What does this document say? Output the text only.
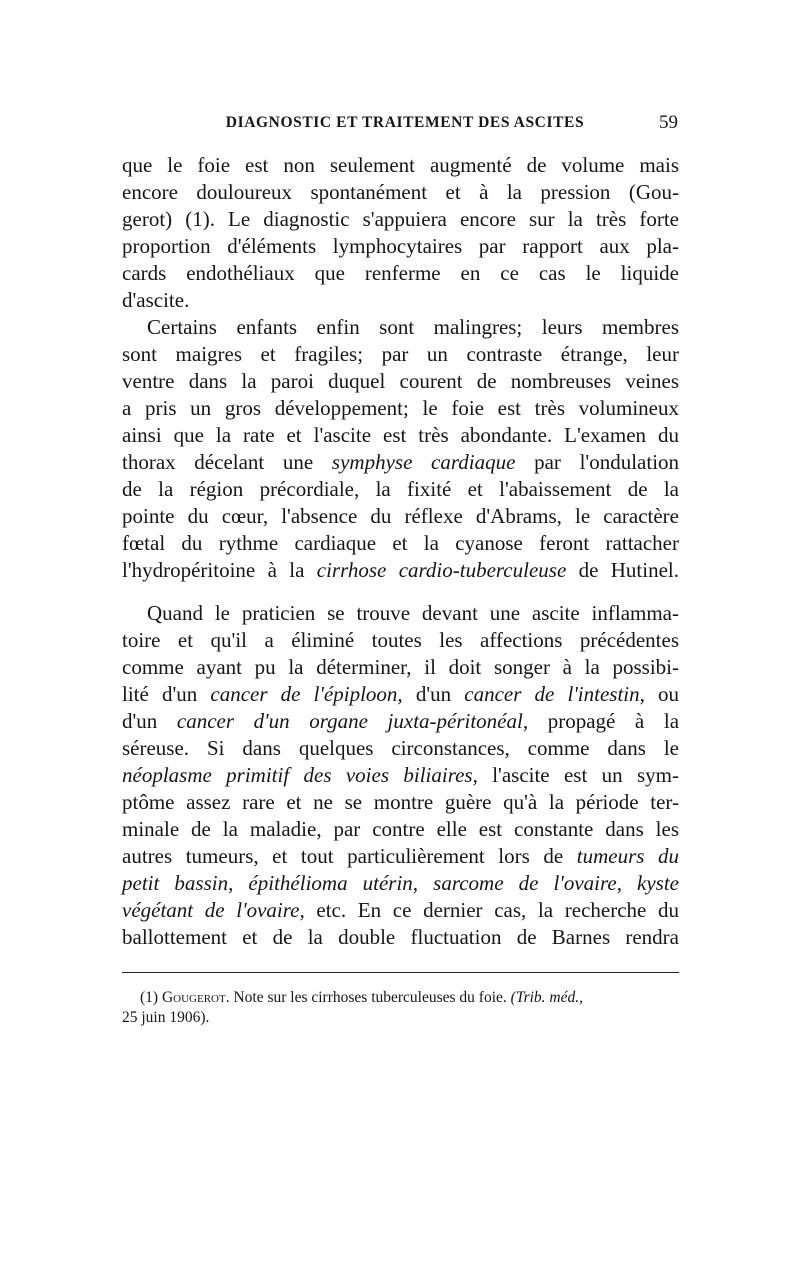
DIAGNOSTIC ET TRAITEMENT DES ASCITES	59
que le foie est non seulement augmenté de volume mais
encore douloureux spontanément et à la pression (Gou-
gerot) (1). Le diagnostic s'appuiera encore sur la très forte
proportion d'éléments lymphocytaires par rapport aux pla-
cards endothéliaux que renferme en ce cas le liquide
d'ascite.
Certains enfants enfin sont malingres; leurs membres
sont maigres et fragiles; par un contraste étrange, leur
ventre dans la paroi duquel courent de nombreuses veines
a pris un gros développement; le foie est très volumineux
ainsi que la rate et l'ascite est très abondante. L'examen du
thorax décelant une symphyse cardiaque par l'ondulation
de la région précordiale, la fixité et l'abaissement de la
pointe du cœur, l'absence du réflexe d'Abrams, le caractère
fœtal du rythme cardiaque et la cyanose feront rattacher
l'hydropéritoine à la cirrhose cardio-tuberculeuse de Hutinel.
Quand le praticien se trouve devant une ascite inflamma-
toire et qu'il a éliminé toutes les affections précédentes
comme ayant pu la déterminer, il doit songer à la possibi-
lité d'un cancer de l'épiploon, d'un cancer de l'intestin, ou
d'un cancer d'un organe juxta-péritonéal, propagé à la
séreuse. Si dans quelques circonstances, comme dans le
néoplasme primitif des voies biliaires, l'ascite est un sym-
ptôme assez rare et ne se montre guère qu'à la période ter-
minale de la maladie, par contre elle est constante dans les
autres tumeurs, et tout particulièrement lors de tumeurs du
petit bassin, épithélioma utérin, sarcome de l'ovaire, kyste
végétant de l'ovaire, etc. En ce dernier cas, la recherche du
ballottement et de la double fluctuation de Barnes rendra
(1) Gougerot. Note sur les cirrhoses tuberculeuses du foie. (Trib. méd.,
25 juin 1906).
